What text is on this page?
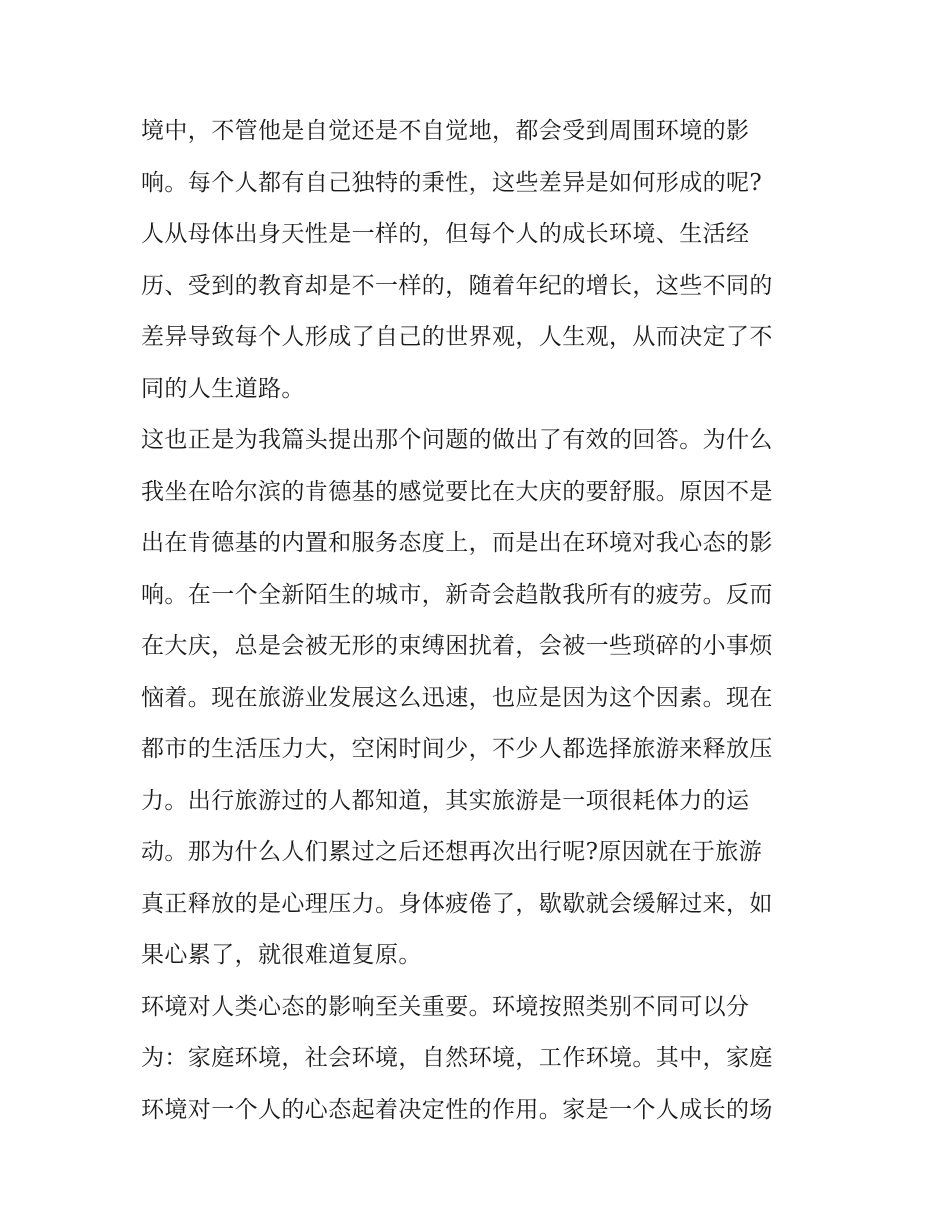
境中，不管他是自觉还是不自觉地，都会受到周围环境的影
响。每个人都有自己独特的秉性，这些差异是如何形成的呢?
人从母体出身天性是一样的，但每个人的成长环境、生活经
历、受到的教育却是不一样的，随着年纪的增长，这些不同的
差异导致每个人形成了自己的世界观，人生观，从而决定了不
同的人生道路。

这也正是为我篇头提出那个问题的做出了有效的回答。为什么
我坐在哈尔滨的肯德基的感觉要比在大庆的要舒服。原因不是
出在肯德基的内置和服务态度上，而是出在环境对我心态的影
响。在一个全新陌生的城市，新奇会趋散我所有的疲劳。反而
在大庆，总是会被无形的束缚困扰着，会被一些琐碎的小事烦
恼着。现在旅游业发展这么迅速，也应是因为这个因素。现在
都市的生活压力大，空闲时间少，不少人都选择旅游来释放压
力。出行旅游过的人都知道，其实旅游是一项很耗体力的运
动。那为什么人们累过之后还想再次出行呢?原因就在于旅游
真正释放的是心理压力。身体疲倦了，歇歇就会缓解过来，如
果心累了，就很难道复原。

环境对人类心态的影响至关重要。环境按照类别不同可以分
为：家庭环境，社会环境，自然环境，工作环境。其中，家庭
环境对一个人的心态起着决定性的作用。家是一个人成长的场
